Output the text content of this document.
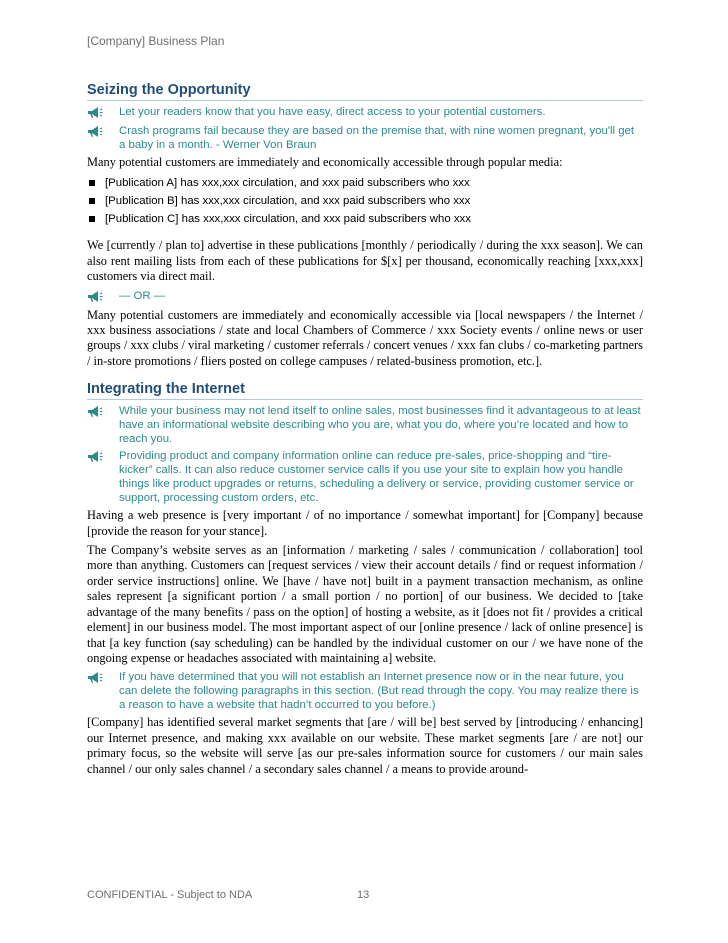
[Company] Business Plan
Seizing the Opportunity
Let your readers know that you have easy, direct access to your potential customers.
Crash programs fail because they are based on the premise that, with nine women pregnant, you'll get a baby in a month. - Werner Von Braun
Many potential customers are immediately and economically accessible through popular media:
[Publication A] has xxx,xxx circulation, and xxx paid subscribers who xxx
[Publication B] has xxx,xxx circulation, and xxx paid subscribers who xxx
[Publication C] has xxx,xxx circulation, and xxx paid subscribers who xxx
We [currently / plan to] advertise in these publications [monthly / periodically / during the xxx season]. We can also rent mailing lists from each of these publications for $[x] per thousand, economically reaching [xxx,xxx] customers via direct mail.
— OR —
Many potential customers are immediately and economically accessible via [local newspapers / the Internet / xxx business associations / state and local Chambers of Commerce / xxx Society events / online news or user groups / xxx clubs / viral marketing / customer referrals / concert venues / xxx fan clubs / co-marketing partners / in-store promotions / fliers posted on college campuses / related-business promotion, etc.].
Integrating the Internet
While your business may not lend itself to online sales, most businesses find it advantageous to at least have an informational website describing who you are, what you do, where you’re located and how to reach you.
Providing product and company information online can reduce pre-sales, price-shopping and “tire-kicker” calls. It can also reduce customer service calls if you use your site to explain how you handle things like product upgrades or returns, scheduling a delivery or service, providing customer service or support, processing custom orders, etc.
Having a web presence is [very important / of no importance / somewhat important] for [Company] because [provide the reason for your stance].
The Company’s website serves as an [information / marketing / sales / communication / collaboration] tool more than anything. Customers can [request services / view their account details / find or request information / order service instructions] online. We [have / have not] built in a payment transaction mechanism, as online sales represent [a significant portion / a small portion / no portion] of our business. We decided to [take advantage of the many benefits / pass on the option] of hosting a website, as it [does not fit / provides a critical element] in our business model. The most important aspect of our [online presence / lack of online presence] is that [a key function (say scheduling) can be handled by the individual customer on our / we have none of the ongoing expense or headaches associated with maintaining a] website.
If you have determined that you will not establish an Internet presence now or in the near future, you can delete the following paragraphs in this section. (But read through the copy. You may realize there is a reason to have a website that hadn’t occurred to you before.)
[Company] has identified several market segments that [are / will be] best served by [introducing / enhancing] our Internet presence, and making xxx available on our website. These market segments [are / are not] our primary focus, so the website will serve [as our pre-sales information source for customers / our main sales channel / our only sales channel / a secondary sales channel / a means to provide around-
CONFIDENTIAL - Subject to NDA	13
